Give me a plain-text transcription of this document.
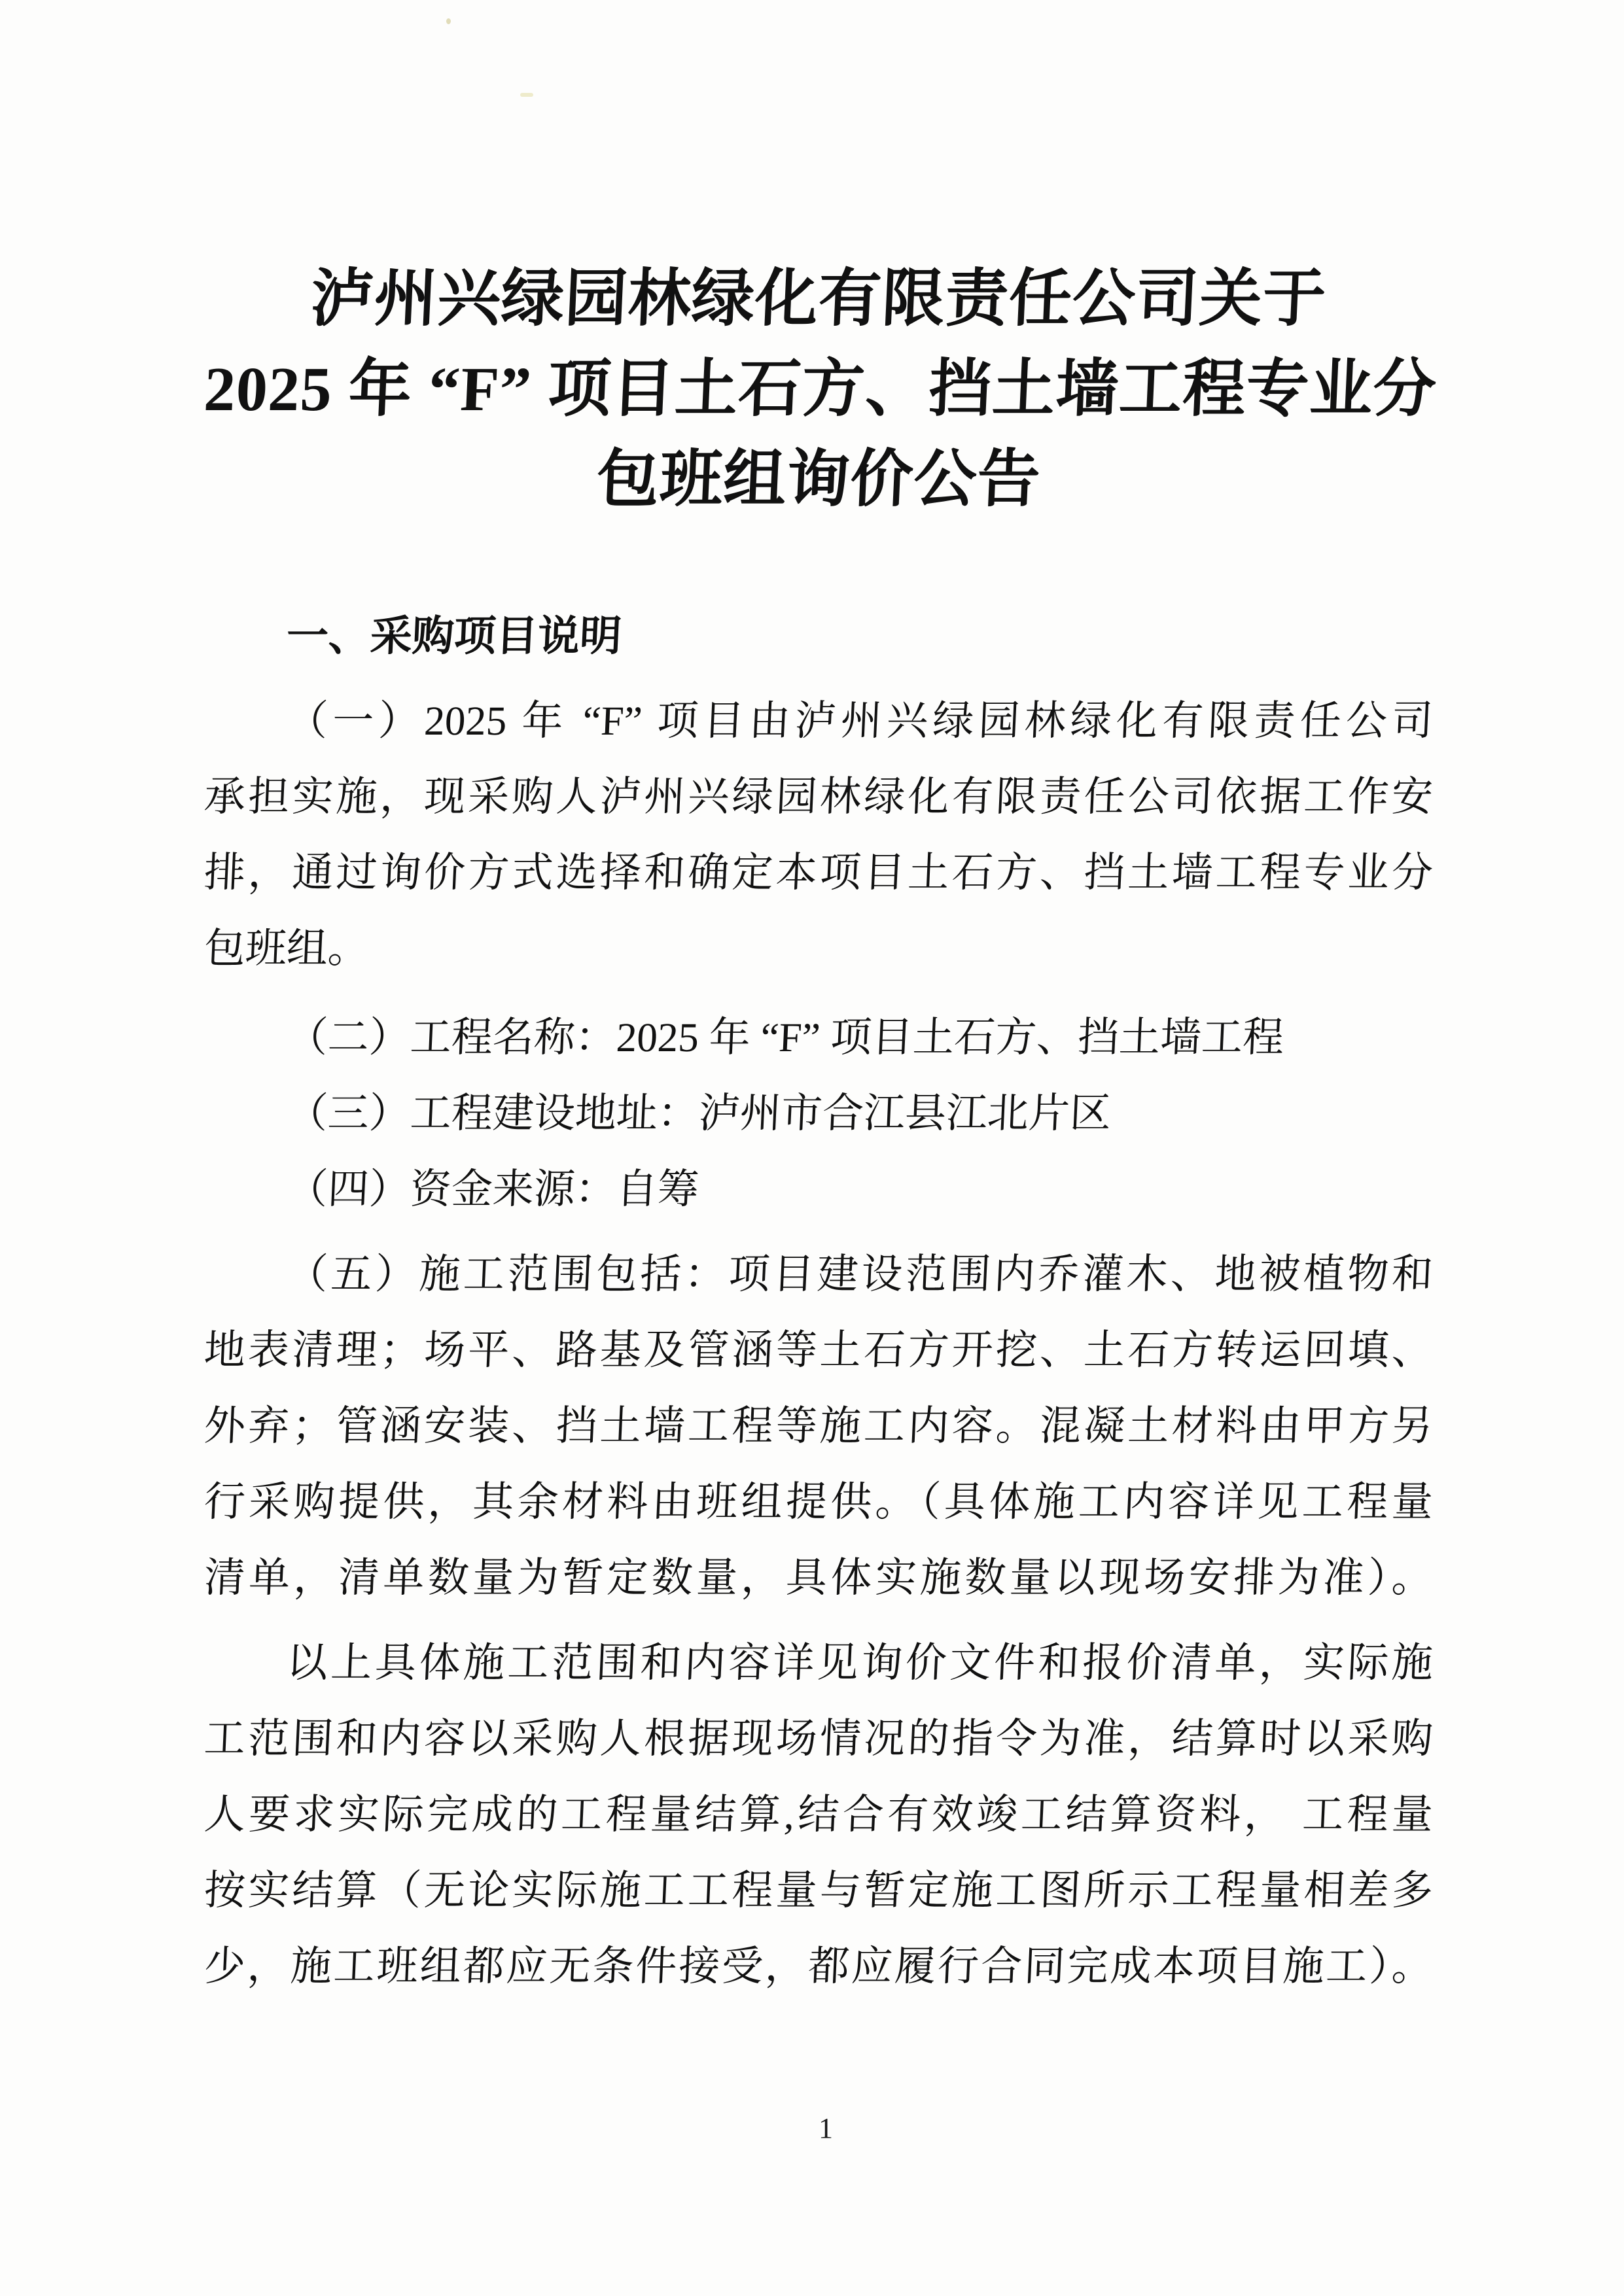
泸州兴绿园林绿化有限责任公司关于
2025 年 “F” 项目土石方、挡土墙工程专业分
包班组询价公告
一、采购项目说明
（一）2025 年 “F” 项目由泸州兴绿园林绿化有限责任公司
承担实施，现采购人泸州兴绿园林绿化有限责任公司依据工作安
排，通过询价方式选择和确定本项目土石方、挡土墙工程专业分
包班组。
（二）工程名称：2025 年 “F” 项目土石方、挡土墙工程
（三）工程建设地址：泸州市合江县江北片区
（四）资金来源：自筹
（五）施工范围包括：项目建设范围内乔灌木、地被植物和
地表清理；场平、路基及管涵等土石方开挖、土石方转运回填、
外弃；管涵安装、挡土墙工程等施工内容。混凝土材料由甲方另
行采购提供，其余材料由班组提供。（具体施工内容详见工程量
清单，清单数量为暂定数量，具体实施数量以现场安排为准）。
以上具体施工范围和内容详见询价文件和报价清单，实际施
工范围和内容以采购人根据现场情况的指令为准，结算时以采购
人要求实际完成的工程量结算,结合有效竣工结算资料， 工程量
按实结算（无论实际施工工程量与暂定施工图所示工程量相差多
少，施工班组都应无条件接受，都应履行合同完成本项目施工）。
1
